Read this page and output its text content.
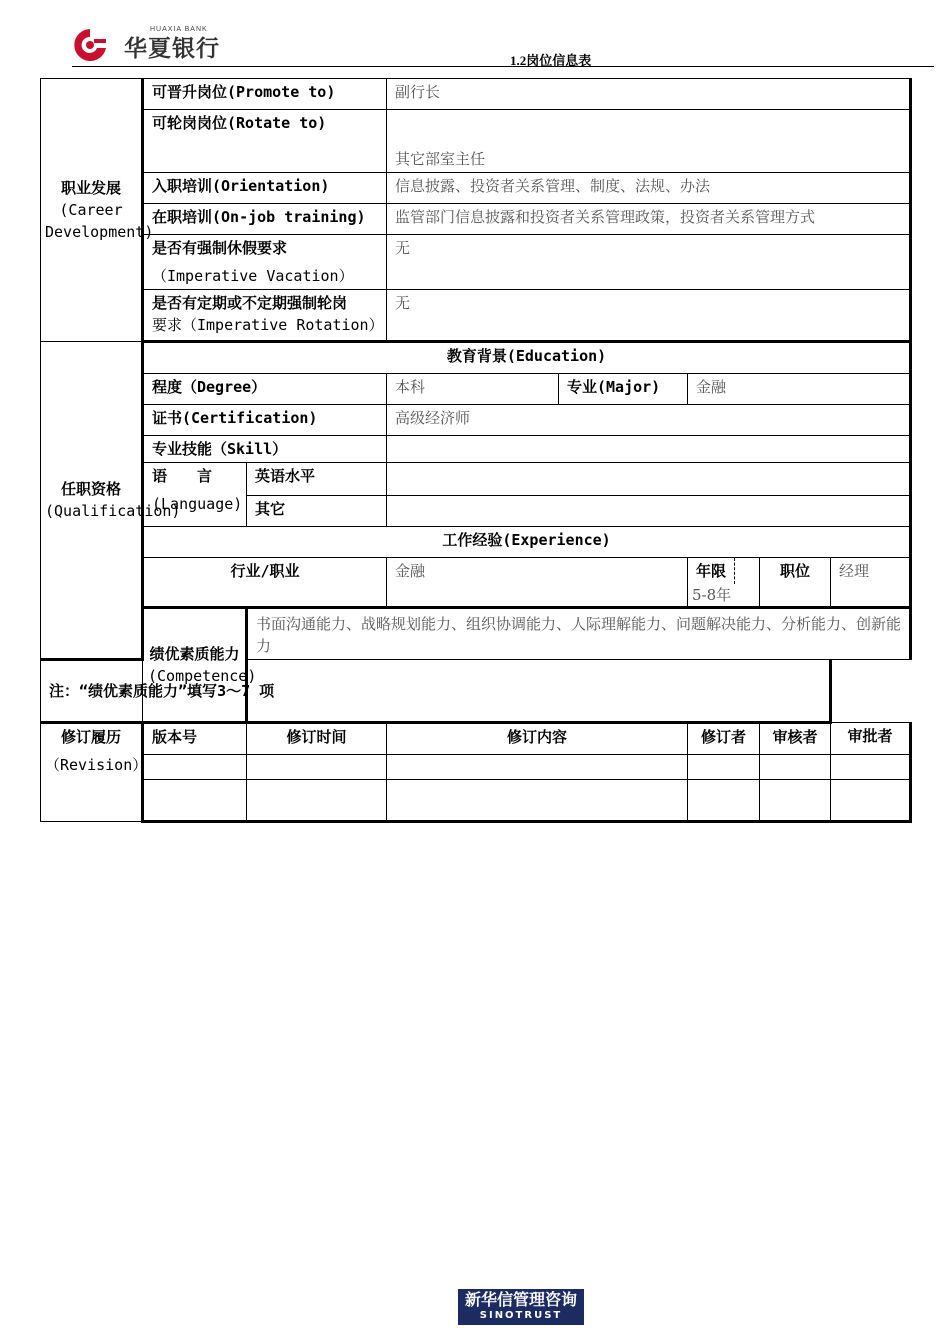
华夏银行
HUAXIA BANK
1.2岗位信息表
职业发展
(Career Development)	可晋升岗位(Promote to)		副行长				
	可轮岗岗位(Rotate to)		其它部室主任				
	入职培训(Orientation)		信息披露、投资者关系管理、制度、法规、办法				
	在职培训(On-job training)		监管部门信息披露和投资者关系管理政策，投资者关系管理方式				

	是否有强制休假要求
（Imperative Vacation）		无				

	是否有定期或不定期强制轮岗
要求（Imperative Rotation）		无				

任职资格
(Qualification)	教育背景(Education)						
	程度（Degree）		本科	专业(Major)	金融		
	证书(Certification)		高级经济师				
	专业技能（Skill）						

	语　　言
(Language)	英语水平					
		其它					
	工作经验(Experience)						
	行业/职业		金融		年限 5-8年	职位	经理

	绩优素质能力
(Competence)	书面沟通能力、战略规划能力、组织协调能力、人际理解能力、问题解决能力、分析能力、创新能力					
注：“绩优素质能力”填写3～7 项							

修订履历
（Revision）	版本号	修订时间	修订内容		修订者	审核者	审批者

新华信管理咨询
SINOTRUST
